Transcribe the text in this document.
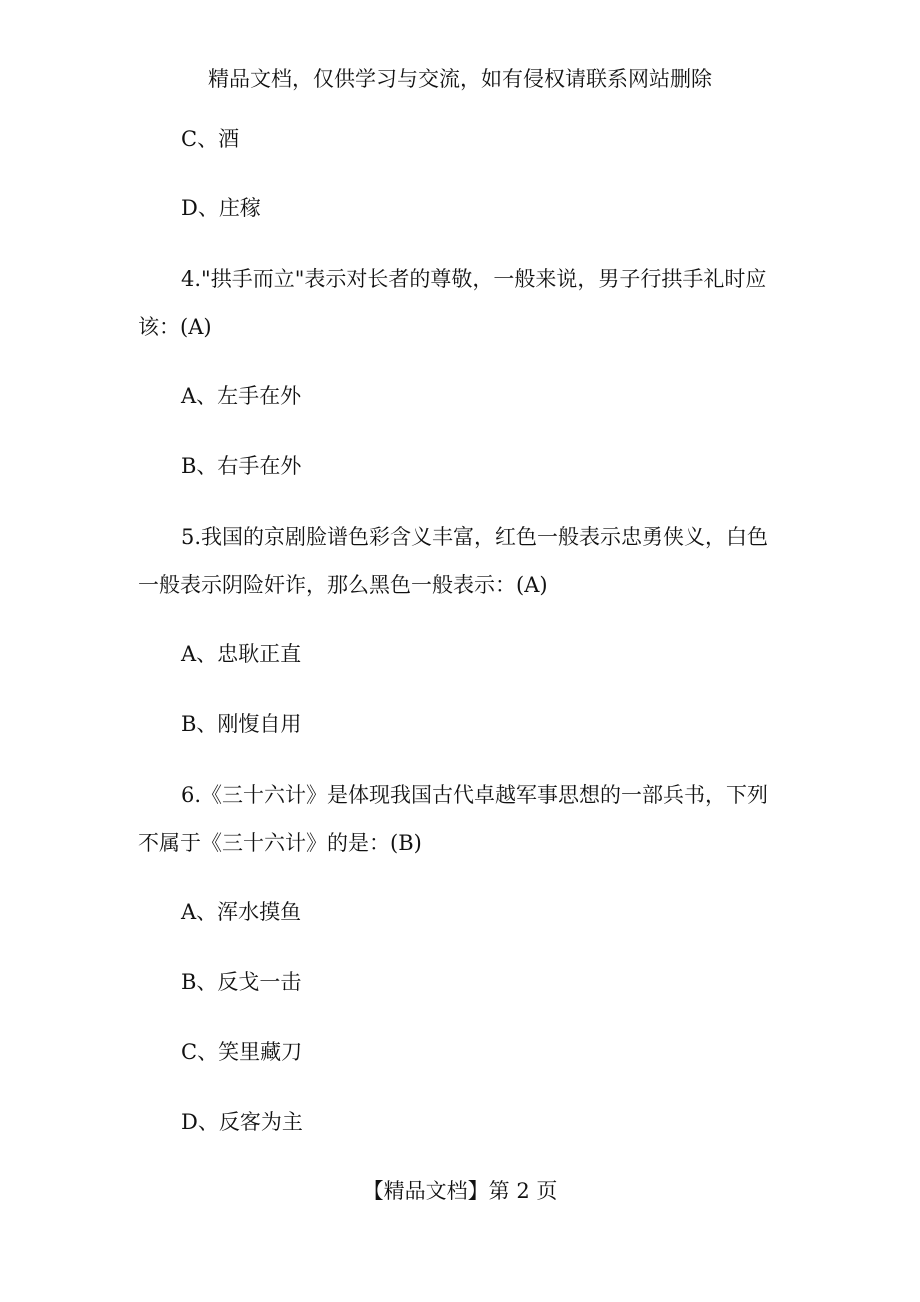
精品文档，仅供学习与交流，如有侵权请联系网站删除
C、酒
D、庄稼
4."拱手而立"表示对长者的尊敬，一般来说，男子行拱手礼时应
该：(A)
A、左手在外
B、右手在外
5.我国的京剧脸谱色彩含义丰富，红色一般表示忠勇侠义，白色
一般表示阴险奸诈，那么黑色一般表示：(A)
A、忠耿正直
B、刚愎自用
6.《三十六计》是体现我国古代卓越军事思想的一部兵书，下列
不属于《三十六计》的是：(B)
A、浑水摸鱼
B、反戈一击
C、笑里藏刀
D、反客为主
【精品文档】第 2 页
